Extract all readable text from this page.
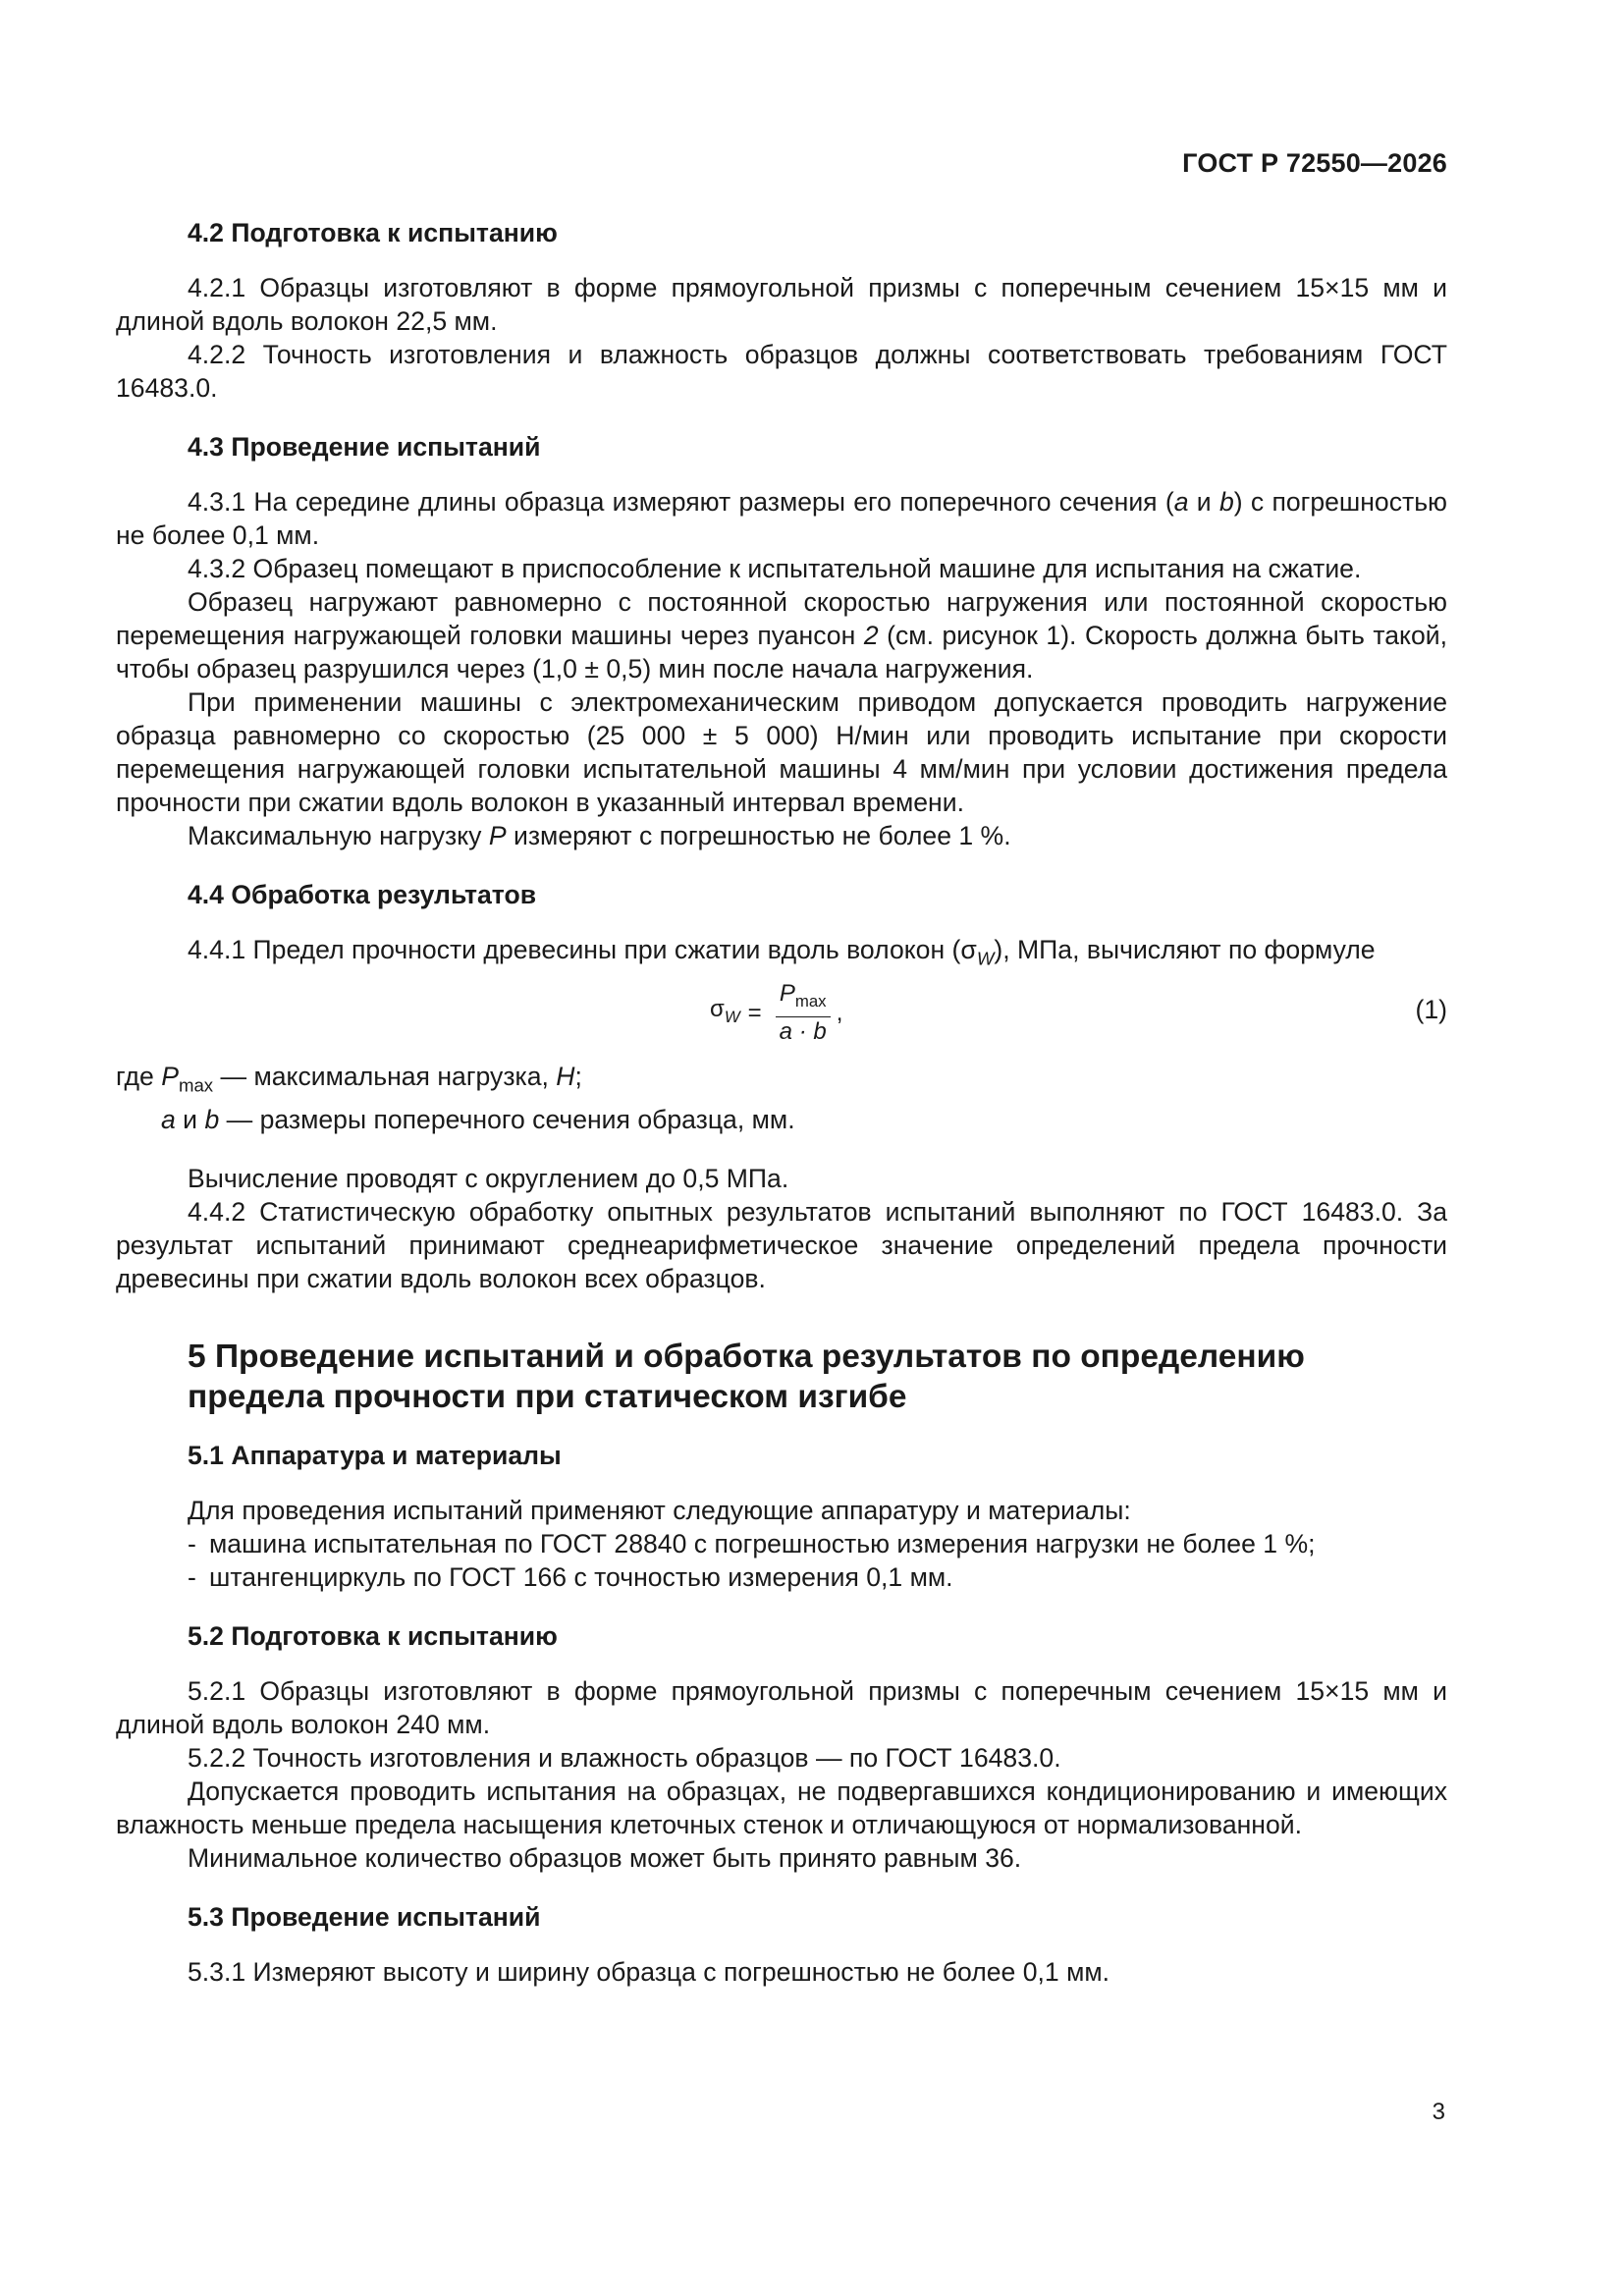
ГОСТ Р 72550—2026
4.2 Подготовка к испытанию

4.2.1 Образцы изготовляют в форме прямоугольной призмы с поперечным сечением 15×15 мм и длиной вдоль волокон 22,5 мм.

4.2.2 Точность изготовления и влажность образцов должны соответствовать требованиям ГОСТ 16483.0.

4.3 Проведение испытаний

4.3.1 На середине длины образца измеряют размеры его поперечного сечения (a и b) с погрешностью не более 0,1 мм.

4.3.2 Образец помещают в приспособление к испытательной машине для испытания на сжатие.

Образец нагружают равномерно с постоянной скоростью нагружения или постоянной скоростью перемещения нагружающей головки машины через пуансон 2 (см. рисунок 1). Скорость должна быть такой, чтобы образец разрушился через (1,0 ± 0,5) мин после начала нагружения.

При применении машины с электромеханическим приводом допускается проводить нагружение образца равномерно со скоростью (25 000 ± 5 000) Н/мин или проводить испытание при скорости перемещения нагружающей головки испытательной машины 4 мм/мин при условии достижения предела прочности при сжатии вдоль волокон в указанный интервал времени.

Максимальную нагрузку P измеряют с погрешностью не более 1 %.

4.4 Обработка результатов

4.4.1 Предел прочности древесины при сжатии вдоль волокон $(\sigma_W)$, МПа, вычисляют по формуле

$\sigma_W = \frac{P_{max}}{a \cdot b}$ ,	(1)

где $P_{max}$ — максимальная нагрузка, Н;

a и b — размеры поперечного сечения образца, мм.

Вычисление проводят с округлением до 0,5 МПа.

4.4.2 Статистическую обработку опытных результатов испытаний выполняют по ГОСТ 16483.0. За результат испытаний принимают среднеарифметическое значение определений предела прочности древесины при сжатии вдоль волокон всех образцов.

5 Проведение испытаний и обработка результатов по определению
предела прочности при статическом изгибе
5.1 Аппаратура и материалы

Для проведения испытаний применяют следующие аппаратуру и материалы:

- машина испытательная по ГОСТ 28840 с погрешностью измерения нагрузки не более 1 %;

- штангенциркуль по ГОСТ 166 с точностью измерения 0,1 мм.

5.2 Подготовка к испытанию

5.2.1 Образцы изготовляют в форме прямоугольной призмы с поперечным сечением 15×15 мм и длиной вдоль волокон 240 мм.

5.2.2 Точность изготовления и влажность образцов — по ГОСТ 16483.0.

Допускается проводить испытания на образцах, не подвергавшихся кондиционированию и имеющих влажность меньше предела насыщения клеточных стенок и отличающуюся от нормализованной.

Минимальное количество образцов может быть принято равным 36.

5.3 Проведение испытаний

5.3.1 Измеряют высоту и ширину образца с погрешностью не более 0,1 мм.

3
